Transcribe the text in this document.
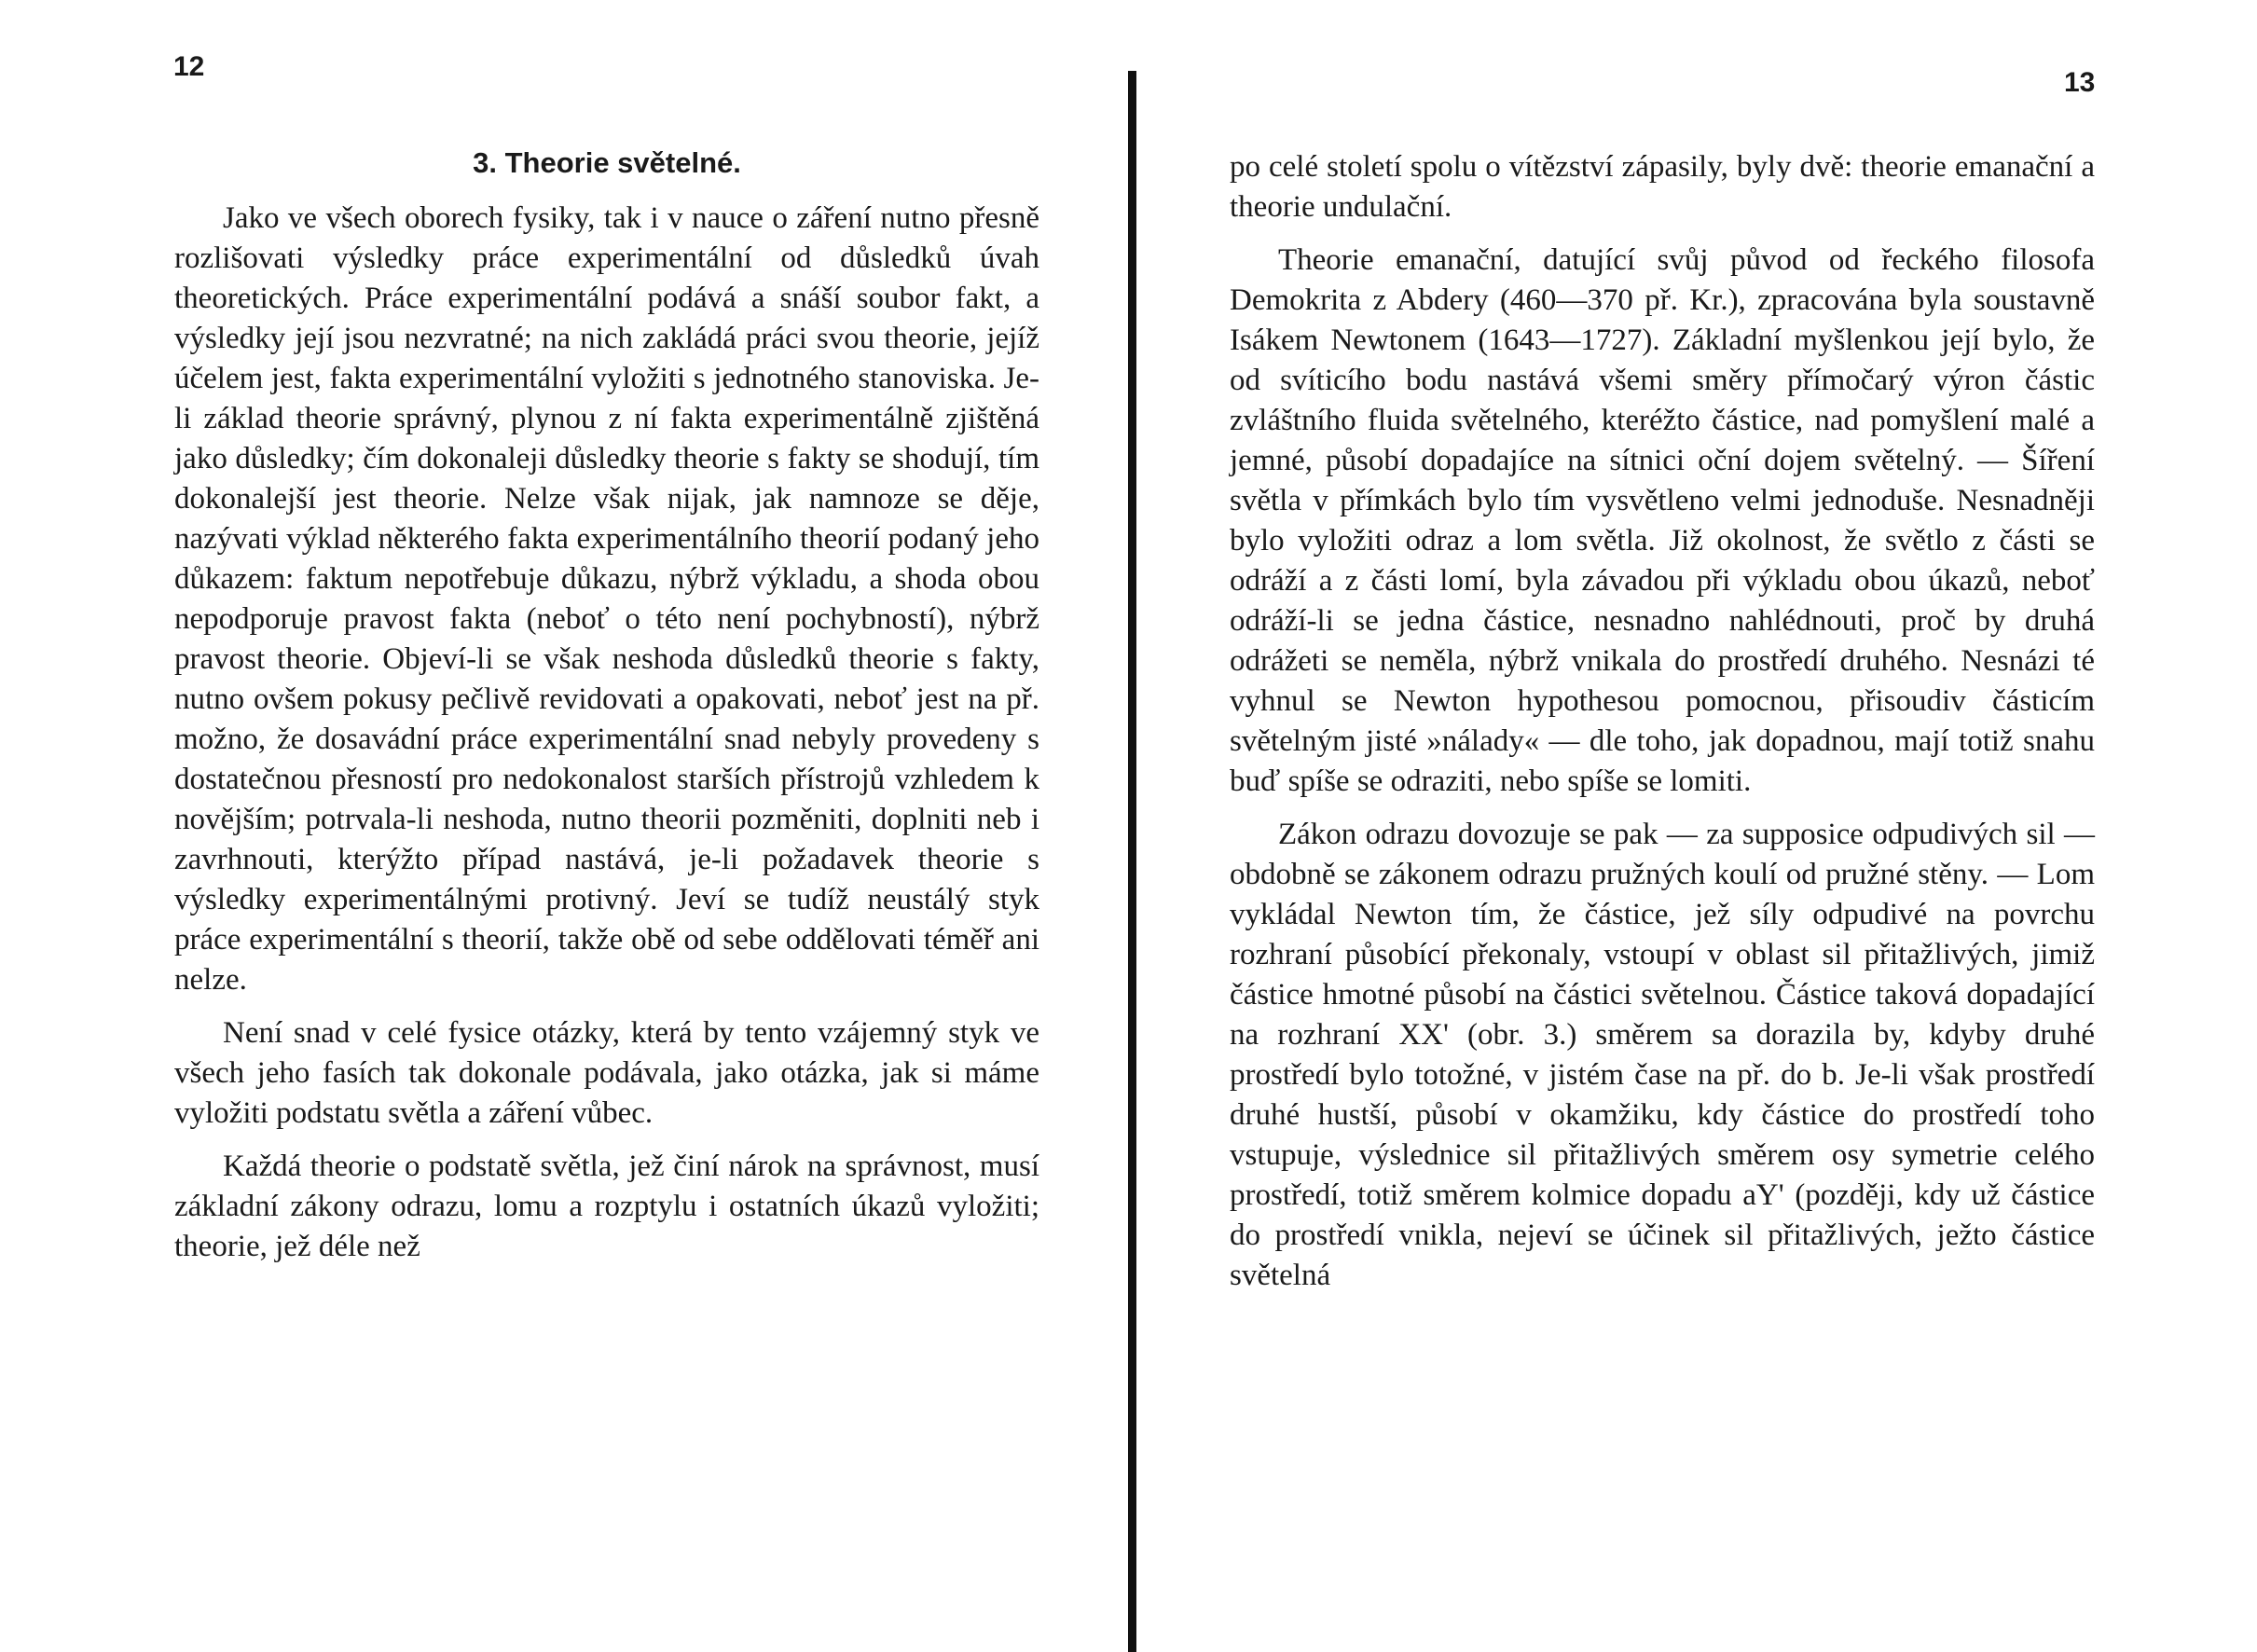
12
3. Theorie světelné.

Jako ve všech oborech fysiky, tak i v nauce o záření nutno přesně rozlišovati výsledky práce experimentální od důsledků úvah theoretických. Práce experimentální podává a snáší soubor fakt, a výsledky její jsou nezvratné; na nich zakládá práci svou theorie, jejíž účelem jest, fakta experimentální vyložiti s jednotného stanoviska. Je-li základ theorie správný, plynou z ní fakta experimentálně zjištěná jako důsledky; čím dokonaleji důsledky theorie s fakty se shodují, tím dokonalejší jest theorie. Nelze však nijak, jak namnoze se děje, nazývati výklad některého fakta experimentálního theorií podaný jeho důkazem: faktum nepotřebuje důkazu, nýbrž výkladu, a shoda obou nepodporuje pravost fakta (neboť o této není pochybností), nýbrž pravost theorie. Objeví-li se však neshoda důsledků theorie s fakty, nutno ovšem pokusy pečlivě revidovati a opakovati, neboť jest na př. možno, že dosavádní práce experimentální snad nebyly provedeny s dostatečnou přesností pro nedokonalost starších přístrojů vzhledem k novějším; potrvala-li neshoda, nutno theorii pozměniti, doplniti neb i zavrhnouti, kterýžto případ nastává, je-li požadavek theorie s výsledky experimentálnými protivný. Jeví se tudíž neustálý styk práce experimentální s theorií, takže obě od sebe oddělovati téměř ani nelze.

Není snad v celé fysice otázky, která by tento vzájemný styk ve všech jeho fasích tak dokonale podávala, jako otázka, jak si máme vyložiti podstatu světla a záření vůbec.

Každá theorie o podstatě světla, jež činí nárok na správnost, musí základní zákony odrazu, lomu a rozptylu i ostatních úkazů vyložiti; theorie, jež déle než

13

po celé století spolu o vítězství zápasily, byly dvě: theorie emanační a theorie undulační.

Theorie emanační, datující svůj původ od řeckého filosofa Demokrita z Abdery (460—370 př. Kr.), zpracována byla soustavně Isákem Newtonem (1643—1727). Základní myšlenkou její bylo, že od svíticího bodu nastává všemi směry přímočarý výron částic zvláštního fluida světelného, kteréžto částice, nad pomyšlení malé a jemné, působí dopadajíce na sítnici oční dojem světelný. — Šíření světla v přímkách bylo tím vysvětleno velmi jednoduše. Nesnadněji bylo vyložiti odraz a lom světla. Již okolnost, že světlo z části se odráží a z části lomí, byla závadou při výkladu obou úkazů, neboť odráží-li se jedna částice, nesnadno nahlédnouti, proč by druhá odrážeti se neměla, nýbrž vnikala do prostředí druhého. Nesnázi té vyhnul se Newton hypothesou pomocnou, přisoudiv částicím světelným jisté »nálady« — dle toho, jak dopadnou, mají totiž snahu buď spíše se odraziti, nebo spíše se lomiti.

Zákon odrazu dovozuje se pak — za supposice odpudivých sil — obdobně se zákonem odrazu pružných koulí od pružné stěny. — Lom vykládal Newton tím, že částice, jež síly odpudivé na povrchu rozhraní působící překonaly, vstoupí v oblast sil přitažlivých, jimiž částice hmotné působí na částici světelnou. Částice taková dopadající na rozhraní XX' (obr. 3.) směrem sa dorazila by, kdyby druhé prostředí bylo totožné, v jistém čase na př. do b. Je-li však prostředí druhé hustší, působí v okamžiku, kdy částice do prostředí toho vstupuje, výslednice sil přitažlivých směrem osy symetrie celého prostředí, totiž směrem kolmice dopadu aY' (později, kdy už částice do prostředí vnikla, nejeví se účinek sil přitažlivých, ježto částice světelná
